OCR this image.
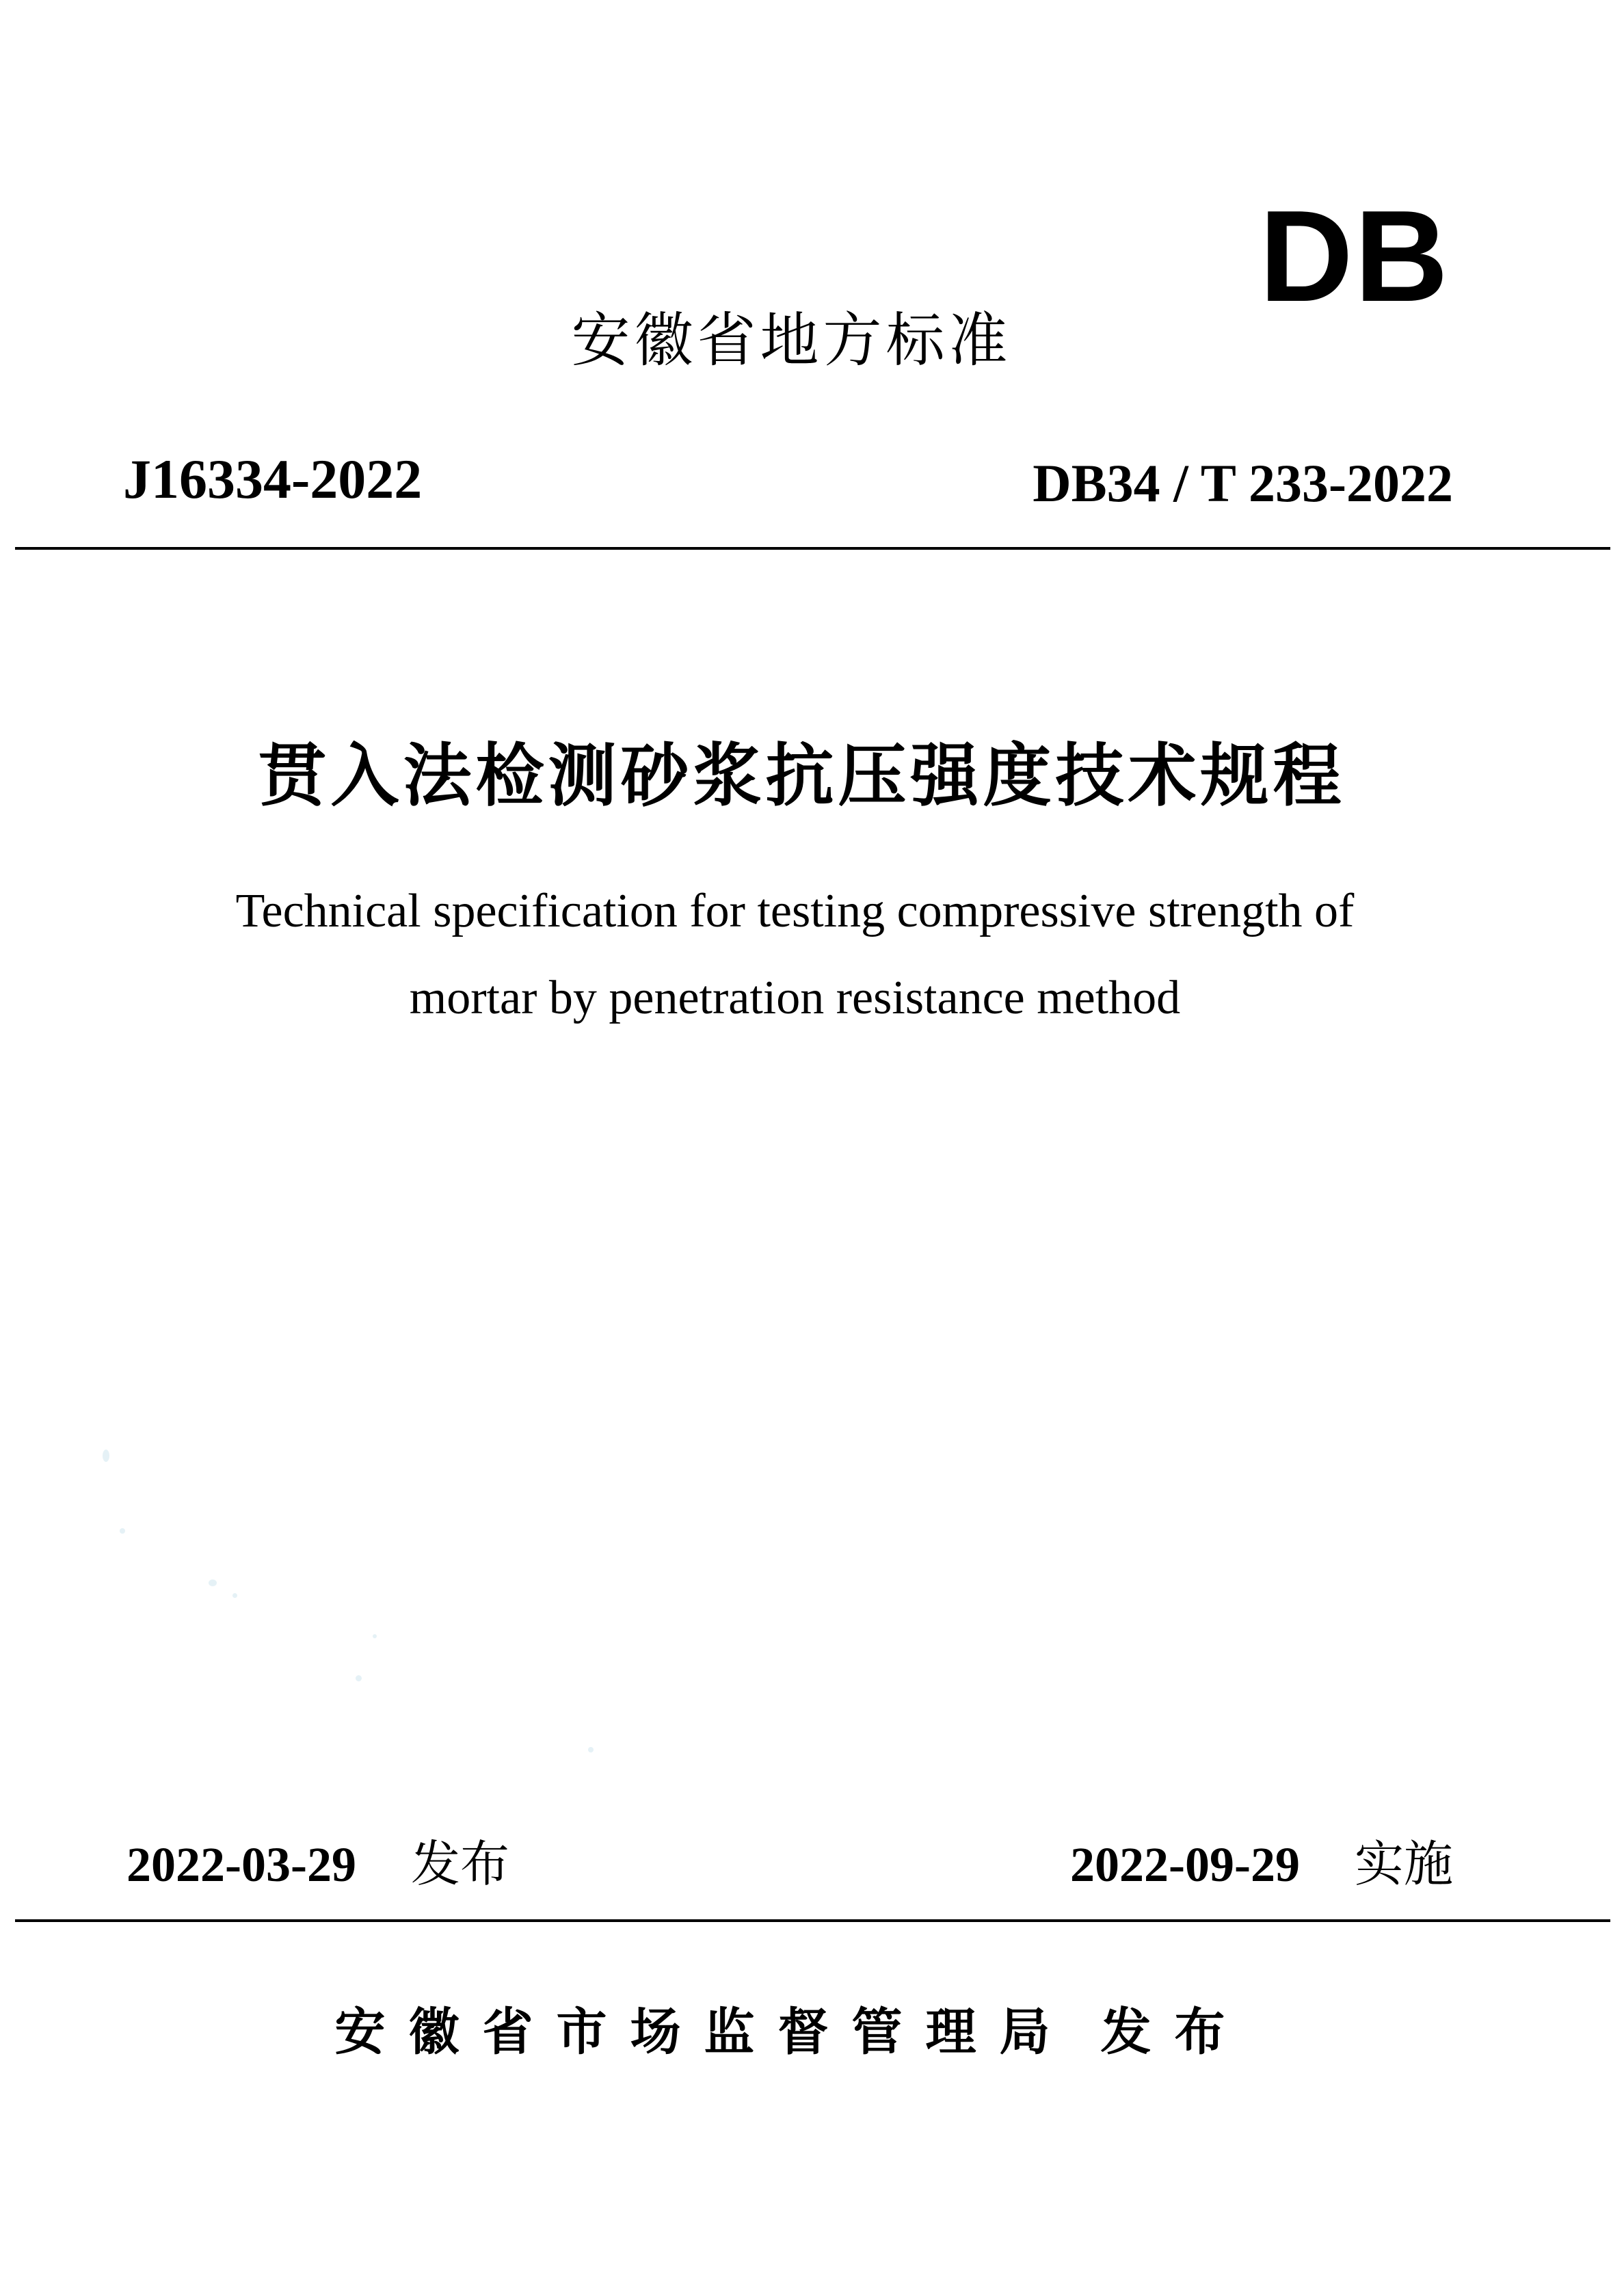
DB
安徽省地方标准
J16334-2022	DB34 / T 233-2022
贯入法检测砂浆抗压强度技术规程
Technical specification for testing compressive strength of
mortar by penetration resistance method
2022-03-29 发布	2022-09-29 实施
安徽省市场监督管理局 发布
